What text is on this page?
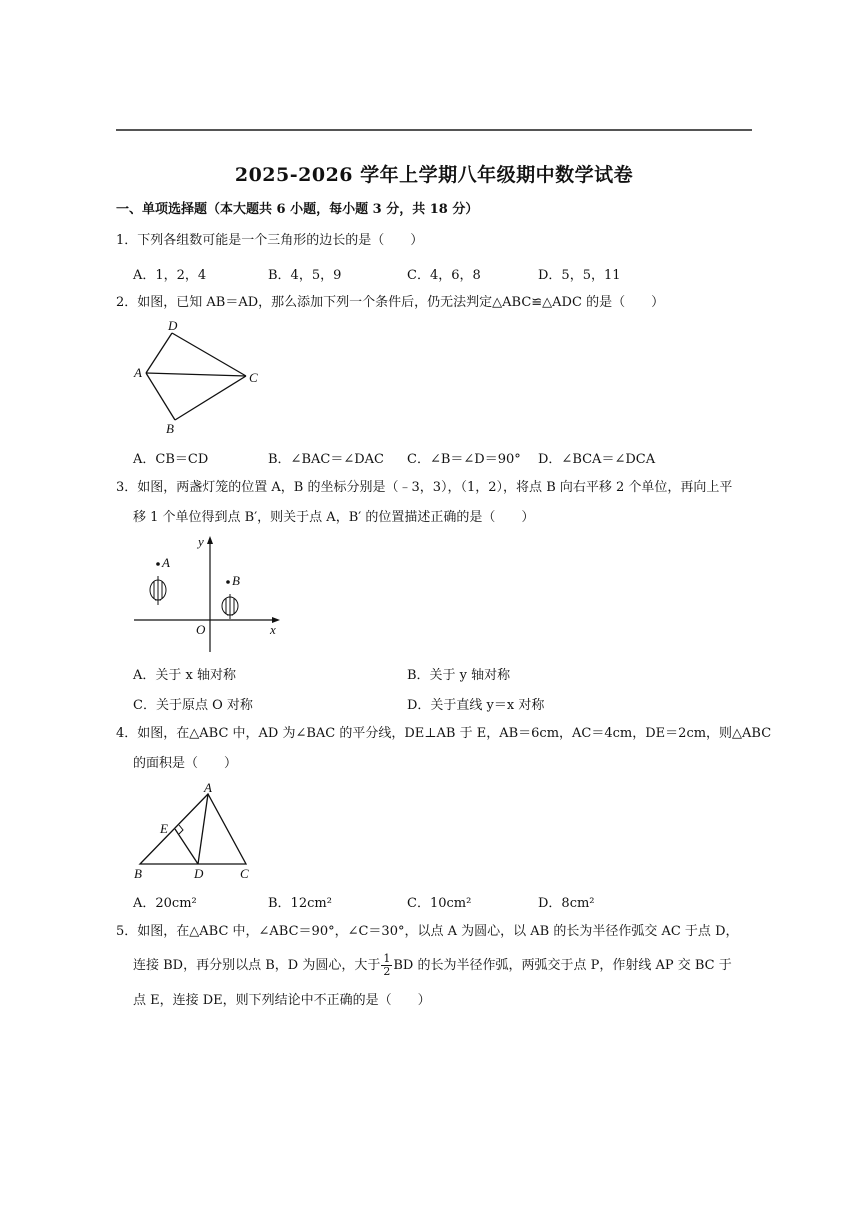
2025-2026 学年上学期八年级期中数学试卷
一、单项选择题（本大题共 6 小题，每小题 3 分，共 18 分）
1．下列各组数可能是一个三角形的边长的是（　　）
A．1，2，4	B．4，5，9	C．4，6，8	D．5，5，11
2．如图，已知 AB＝AD，那么添加下列一个条件后，仍无法判定△ABC≌△ADC 的是（　　）
D
A	C
B
A．CB＝CD	B．∠BAC＝∠DAC C．∠B＝∠D＝90° D．∠BCA＝∠DCA
3．如图，两盏灯笼的位置 A，B 的坐标分别是（﹣3，3），（1，2），将点 B 向右平移 2 个单位，再向上平
移 1 个单位得到点 B′，则关于点 A，B′ 的位置描述正确的是（　　）
y
x
O
A
B
A．关于 x 轴对称	B．关于 y 轴对称
C．关于原点 O 对称	D．关于直线 y＝x 对称
4．如图，在△ABC 中，AD 为∠BAC 的平分线，DE⊥AB 于 E，AB＝6cm，AC＝4cm，DE＝2cm，则△ABC
的面积是（　　）
A
E
B	D	C
A．20cm²	B．12cm²	C．10cm²	D．8cm²
5．如图，在△ABC 中，∠ABC＝90°，∠C＝30°，以点 A 为圆心，以 AB 的长为半径作弧交 AC 于点 D，
连接 BD，再分别以点 B，D 为圆心，大于 $\frac{1}{2}$ BD 的长为半径作弧，两弧交于点 P，作射线 AP 交 BC 于
点 E，连接 DE，则下列结论中不正确的是（　　）
